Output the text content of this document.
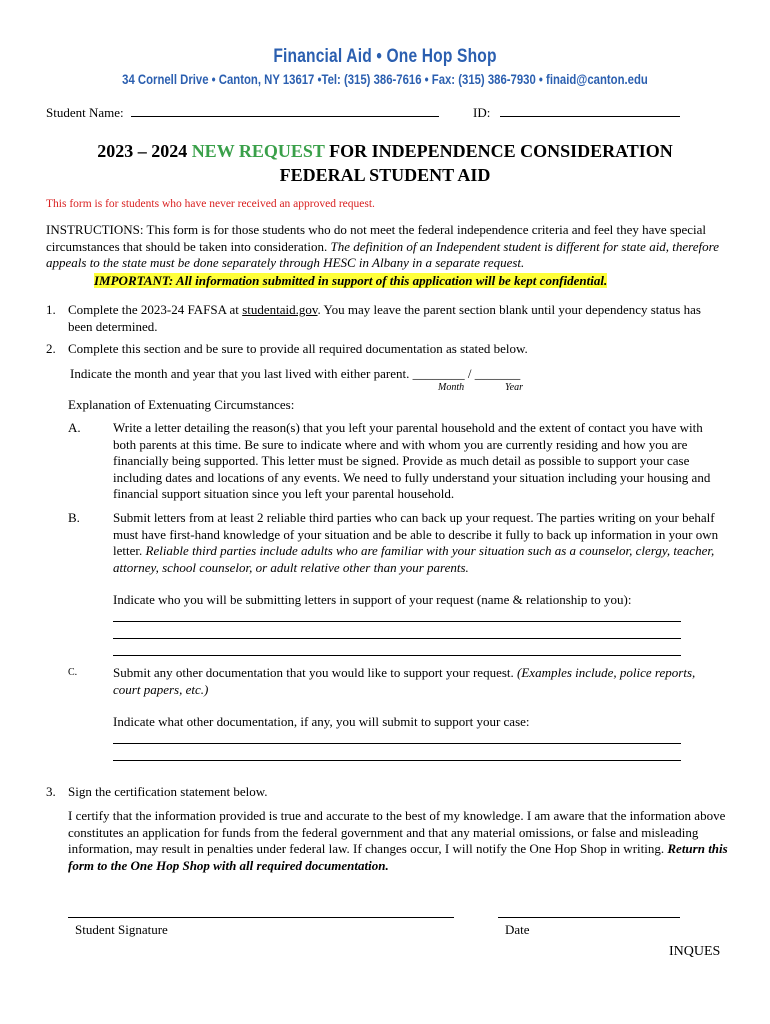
Financial Aid • One Hop Shop
34 Cornell Drive • Canton, NY 13617 •Tel: (315) 386-7616 • Fax: (315) 386-7930 • finaid@canton.edu
Student Name:	ID:
2023 – 2024 NEW REQUEST FOR INDEPENDENCE CONSIDERATION
FEDERAL STUDENT AID
This form is for students who have never received an approved request.
INSTRUCTIONS: This form is for those students who do not meet the federal independence criteria and feel they have special circumstances that should be taken into consideration. The definition of an Independent student is different for state aid, therefore appeals to the state must be done separately through HESC in Albany in a separate request.
IMPORTANT: All information submitted in support of this application will be kept confidential.
1. Complete the 2023-24 FAFSA at studentaid.gov. You may leave the parent section blank until your dependency status has been determined.
2. Complete this section and be sure to provide all required documentation as stated below.
Indicate the month and year that you last lived with either parent. ________ / _______
Month	Year
Explanation of Extenuating Circumstances:
A. Write a letter detailing the reason(s) that you left your parental household and the extent of contact you have with both parents at this time. Be sure to indicate where and with whom you are currently residing and how you are financially being supported. This letter must be signed. Provide as much detail as possible to support your case including dates and locations of any events. We need to fully understand your situation including your housing and financial support situation since you left your parental household.
B.	Submit letters from at least 2 reliable third parties who can back up your request. The parties writing on your behalf must have first-hand knowledge of your situation and be able to describe it fully to back up information in your own letter. Reliable third parties include adults who are familiar with your situation such as a counselor, clergy, teacher, attorney, school counselor, or adult relative other than your parents.
Indicate who you will be submitting letters in support of your request (name & relationship to you):
C.	Submit any other documentation that you would like to support your request. (Examples include, police reports, court papers, etc.)
Indicate what other documentation, if any, you will submit to support your case:
3. Sign the certification statement below.
I certify that the information provided is true and accurate to the best of my knowledge. I am aware that the information above constitutes an application for funds from the federal government and that any material omissions, or false and misleading information, may result in penalties under federal law. If changes occur, I will notify the One Hop Shop in writing. Return this form to the One Hop Shop with all required documentation.
Student Signature	Date
INQUES
